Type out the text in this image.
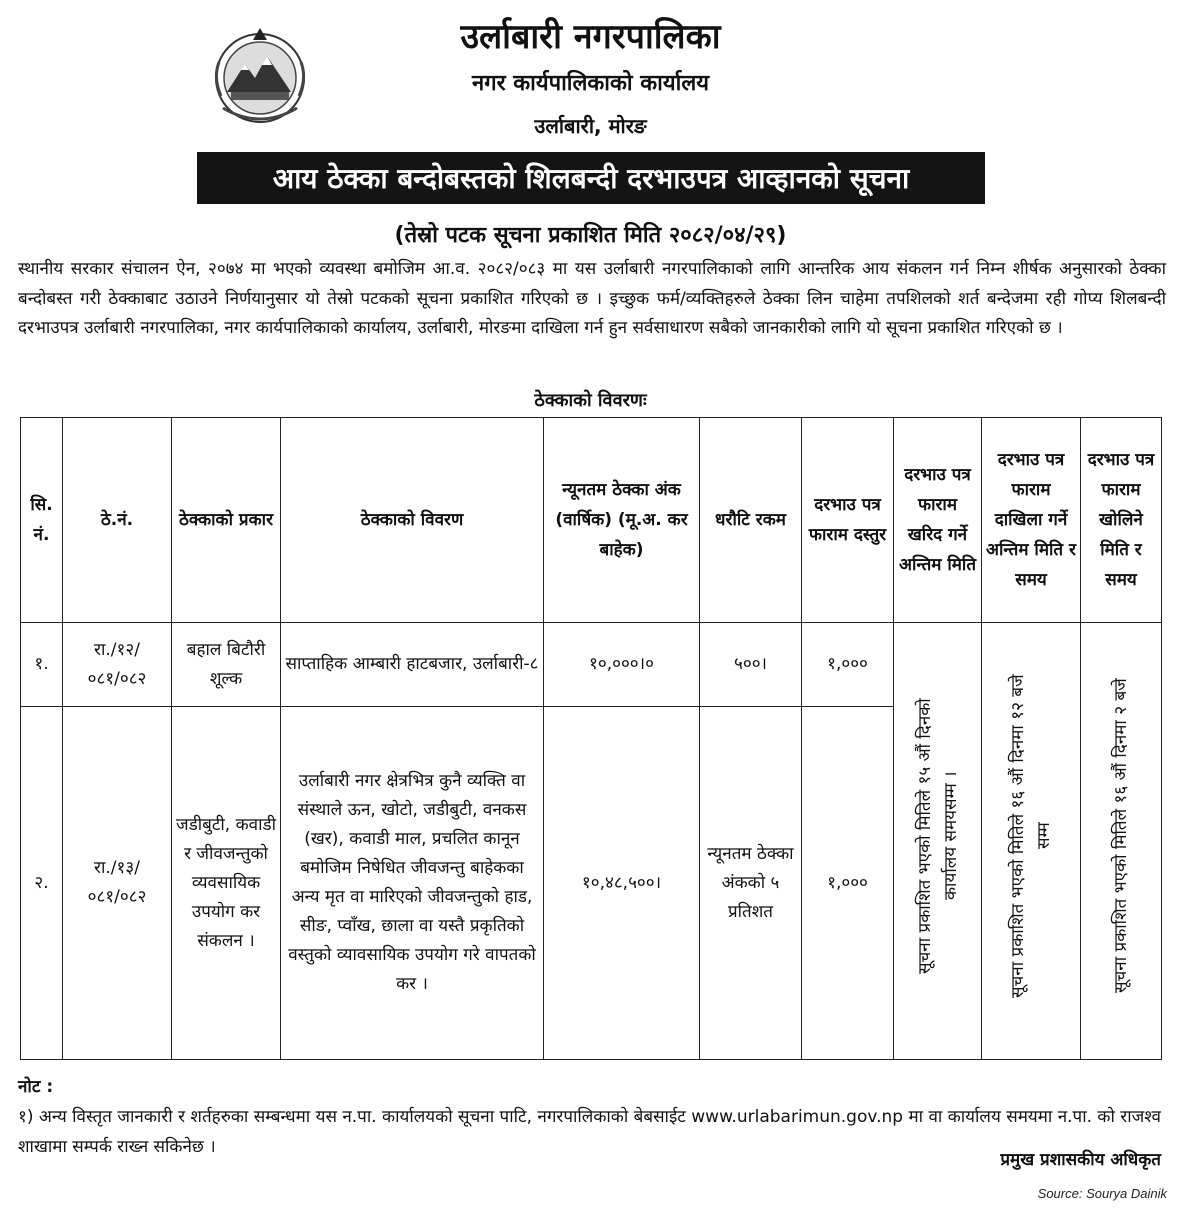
उर्लाबारी नगरपालिका
नगर कार्यपालिकाको कार्यालय
उर्लाबारी, मोरङ
आय ठेक्का बन्दोबस्तको शिलबन्दी दरभाउपत्र आव्हानको सूचना
(तेस्रो पटक सूचना प्रकाशित मिति २०८२/०४/२९)
स्थानीय सरकार संचालन ऐन, २०७४ मा भएको व्यवस्था बमोजिम आ.व. २०८२/०८३ मा यस उर्लाबारी नगरपालिकाको लागि आन्तरिक आय संकलन गर्न निम्न शीर्षक अनुसारको ठेक्का बन्दोबस्त गरी ठेक्काबाट उठाउने निर्णयानुसार यो तेस्रो पटकको सूचना प्रकाशित गरिएको छ । इच्छुक फर्म/व्यक्तिहरुले ठेक्का लिन चाहेमा तपशिलको शर्त बन्देजमा रही गोप्य शिलबन्दी दरभाउपत्र उर्लाबारी नगरपालिका, नगर कार्यपालिकाको कार्यालय, उर्लाबारी, मोरङमा दाखिला गर्न हुन सर्वसाधारण सबैको जानकारीको लागि यो सूचना प्रकाशित गरिएको छ ।
ठेक्काको विवरणः
सि. नं.	ठे.नं.	ठेक्काको प्रकार	ठेक्काको विवरण	न्यूनतम ठेक्का अंक (वार्षिक) (मू.अ. कर बाहेक)	धरौटि रकम	दरभाउ पत्र फाराम दस्तुर	दरभाउ पत्र फाराम खरिद गर्ने अन्तिम मिति	दरभाउ पत्र फाराम दाखिला गर्ने अन्तिम मिति र समय	दरभाउ पत्र फाराम खोलिने मिति र समय
१.	रा./१२/ ०८१/०८२	बहाल बिटौरी शूल्क	साप्ताहिक आम्बारी हाटबजार, उर्लाबारी-८	१०,०००।०	५००।	१,०००	सूचना प्रकाशित भएको मितिले १५ औं दिनको कार्यालय समयसम्म ।	सूचना प्रकाशित भएको मितिले १६ औं दिनमा १२ बजे सम्म	सूचना प्रकाशित भएको मितिले १६ औं दिनमा २ बजे
२.	रा./१३/ ०८१/०८२	जडीबुटी, कवाडी र जीवजन्तुको व्यवसायिक उपयोग कर संकलन ।	उर्लाबारी नगर क्षेत्रभित्र कुनै व्यक्ति वा संस्थाले ऊन, खोटो, जडीबुटी, वनकस (खर), कवाडी माल, प्रचलित कानून बमोजिम निषेधित जीवजन्तु बाहेकका अन्य मृत वा मारिएको जीवजन्तुको हाड, सीङ, प्वाँख, छाला वा यस्तै प्रकृतिको वस्तुको व्यावसायिक उपयोग गरे वापतको कर ।	१०,४८,५००।	न्यूनतम ठेक्का अंकको ५ प्रतिशत	१,०००			
नोट :
१) अन्य विस्तृत जानकारी र शर्तहरुका सम्बन्धमा यस न.पा. कार्यालयको सूचना पाटि, नगरपालिकाको बेबसाईट www.urlabarimun.gov.np मा वा कार्यालय समयमा न.पा. को राजश्व शाखामा सम्पर्क राख्न सकिनेछ ।
प्रमुख प्रशासकीय अधिकृत
Source: Sourya Dainik
